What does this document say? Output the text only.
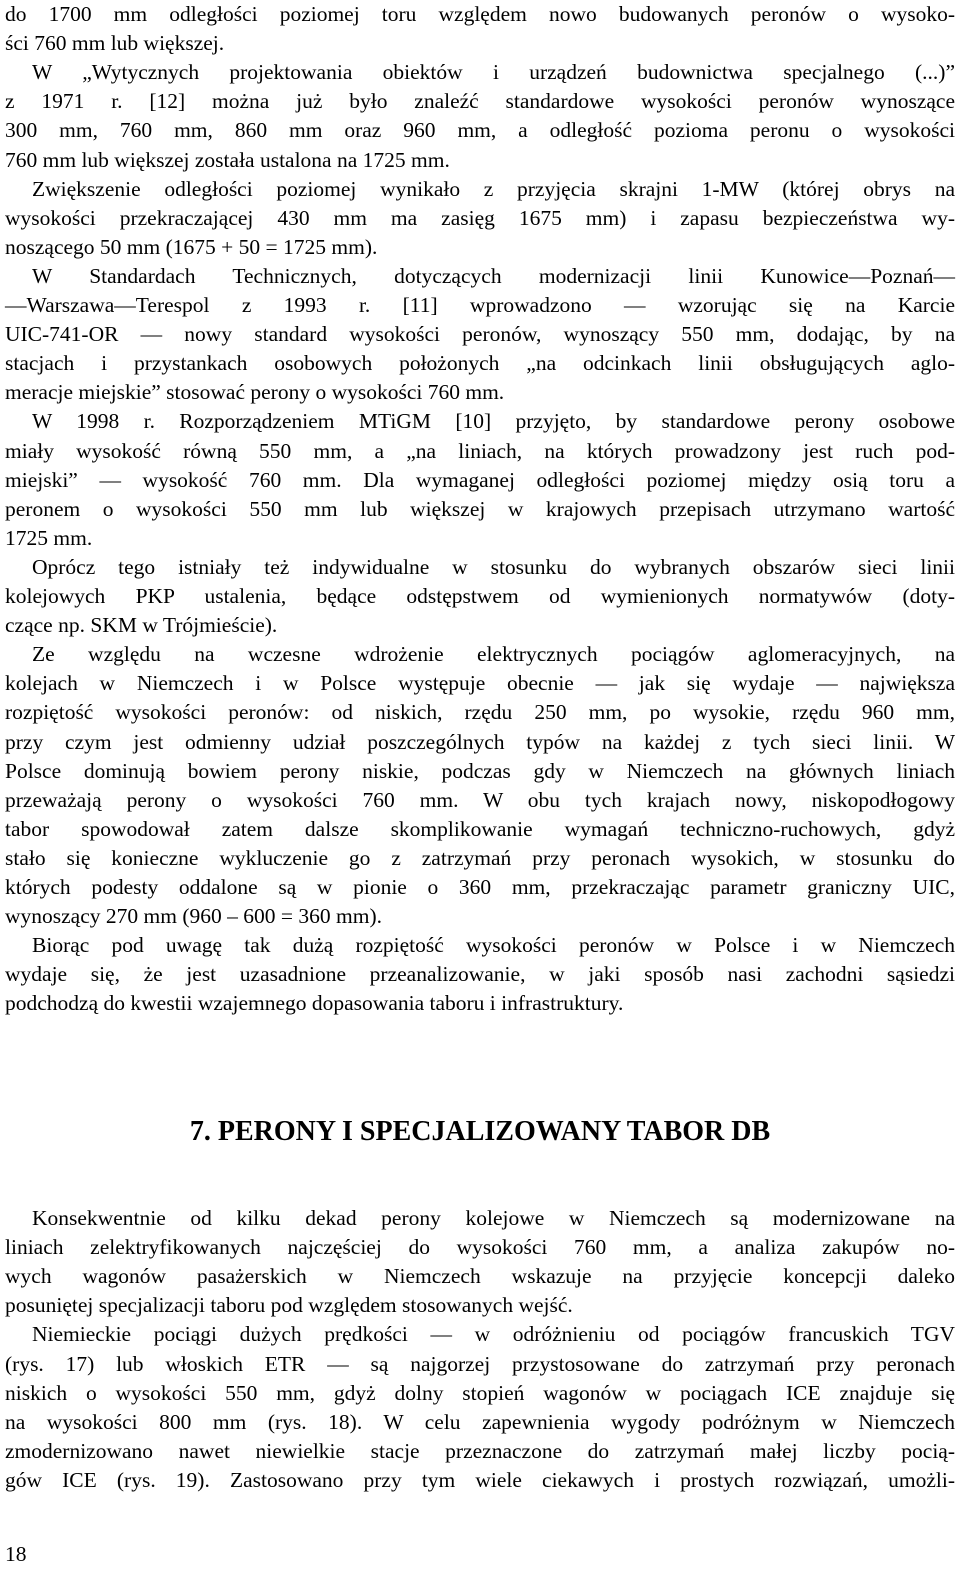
do 1700 mm odległości poziomej toru względem nowo budowanych peronów o wysoko-
ści 760 mm lub większej.
W „Wytycznych projektowania obiektów i urządzeń budownictwa specjalnego (...)”
z 1971 r. [12] można już było znaleźć standardowe wysokości peronów wynoszące
300 mm, 760 mm, 860 mm oraz 960 mm, a odległość pozioma peronu o wysokości
760 mm lub większej została ustalona na 1725 mm.
Zwiększenie odległości poziomej wynikało z przyjęcia skrajni 1-MW (której obrys na
wysokości przekraczającej 430 mm ma zasięg 1675 mm) i zapasu bezpieczeństwa wy-
noszącego 50 mm (1675 + 50 = 1725 mm).
W Standardach Technicznych, dotyczących modernizacji linii Kunowice—Poznań—
—Warszawa—Terespol z 1993 r. [11] wprowadzono — wzorując się na Karcie
UIC-741-OR — nowy standard wysokości peronów, wynoszący 550 mm, dodając, by na
stacjach i przystankach osobowych położonych „na odcinkach linii obsługujących aglo-
meracje miejskie” stosować perony o wysokości 760 mm.
W 1998 r. Rozporządzeniem MTiGM [10] przyjęto, by standardowe perony osobowe
miały wysokość równą 550 mm, a „na liniach, na których prowadzony jest ruch pod-
miejski” — wysokość 760 mm. Dla wymaganej odległości poziomej między osią toru a
peronem o wysokości 550 mm lub większej w krajowych przepisach utrzymano wartość
1725 mm.
Oprócz tego istniały też indywidualne w stosunku do wybranych obszarów sieci linii
kolejowych PKP ustalenia, będące odstępstwem od wymienionych normatywów (doty-
czące np. SKM w Trójmieście).
Ze względu na wczesne wdrożenie elektrycznych pociągów aglomeracyjnych, na
kolejach w Niemczech i w Polsce występuje obecnie — jak się wydaje — największa
rozpiętość wysokości peronów: od niskich, rzędu 250 mm, po wysokie, rzędu 960 mm,
przy czym jest odmienny udział poszczególnych typów na każdej z tych sieci linii. W
Polsce dominują bowiem perony niskie, podczas gdy w Niemczech na głównych liniach
przeważają perony o wysokości 760 mm. W obu tych krajach nowy, niskopodłogowy
tabor spowodował zatem dalsze skomplikowanie wymagań techniczno-ruchowych, gdyż
stało się konieczne wykluczenie go z zatrzymań przy peronach wysokich, w stosunku do
których podesty oddalone są w pionie o 360 mm, przekraczając parametr graniczny UIC,
wynoszący 270 mm (960 – 600 = 360 mm).
Biorąc pod uwagę tak dużą rozpiętość wysokości peronów w Polsce i w Niemczech
wydaje się, że jest uzasadnione przeanalizowanie, w jaki sposób nasi zachodni sąsiedzi
podchodzą do kwestii wzajemnego dopasowania taboru i infrastruktury.
Konsekwentnie od kilku dekad perony kolejowe w Niemczech są modernizowane na
liniach zelektryfikowanych najczęściej do wysokości 760 mm, a analiza zakupów no-
wych wagonów pasażerskich w Niemczech wskazuje na przyjęcie koncepcji daleko
posuniętej specjalizacji taboru pod względem stosowanych wejść.
Niemieckie pociągi dużych prędkości — w odróżnieniu od pociągów francuskich TGV
(rys. 17) lub włoskich ETR — są najgorzej przystosowane do zatrzymań przy peronach
niskich o wysokości 550 mm, gdyż dolny stopień wagonów w pociągach ICE znajduje się
na wysokości 800 mm (rys. 18). W celu zapewnienia wygody podróżnym w Niemczech
zmodernizowano nawet niewielkie stacje przeznaczone do zatrzymań małej liczby pocią-
gów ICE (rys. 19). Zastosowano przy tym wiele ciekawych i prostych rozwiązań, umożli-
7. PERONY I SPECJALIZOWANY TABOR DB
18
